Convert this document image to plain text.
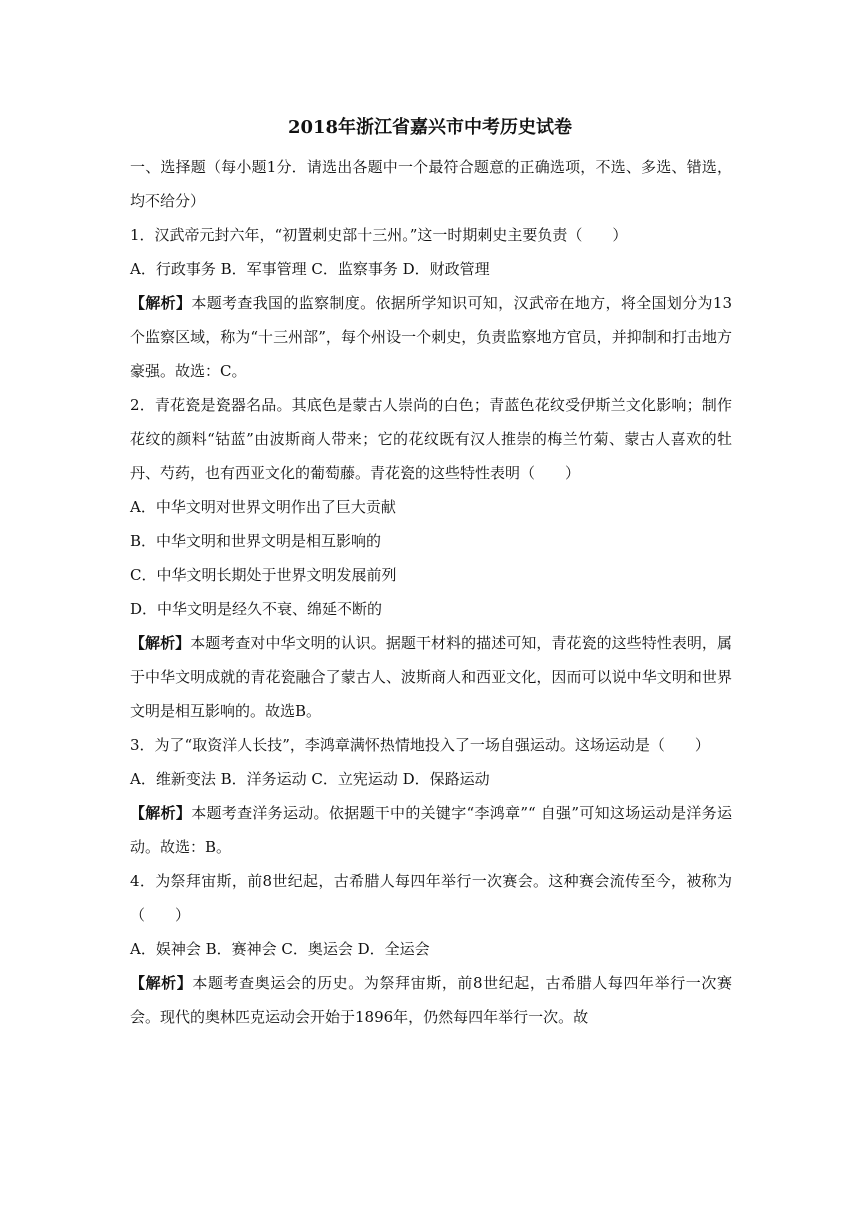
2018年浙江省嘉兴市中考历史试卷

一、选择题（每小题1分．请选出各题中一个最符合题意的正确选项，不选、多选、错选，均不给分）

1．汉武帝元封六年，“初置刺史部十三州。”这一时期刺史主要负责（　　）

A．行政事务 B．军事管理 C．监察事务 D．财政管理

【解析】本题考查我国的监察制度。依据所学知识可知，汉武帝在地方，将全国划分为13个监察区域，称为“十三州部”，每个州设一个刺史，负责监察地方官员，并抑制和打击地方豪强。故选：C。

2．青花瓷是瓷器名品。其底色是蒙古人崇尚的白色；青蓝色花纹受伊斯兰文化影响；制作花纹的颜料“钴蓝”由波斯商人带来；它的花纹既有汉人推崇的梅兰竹菊、蒙古人喜欢的牡丹、芍药，也有西亚文化的葡萄藤。青花瓷的这些特性表明（　　）

A．中华文明对世界文明作出了巨大贡献

B．中华文明和世界文明是相互影响的

C．中华文明长期处于世界文明发展前列

D．中华文明是经久不衰、绵延不断的

【解析】本题考查对中华文明的认识。据题干材料的描述可知，青花瓷的这些特性表明，属于中华文明成就的青花瓷融合了蒙古人、波斯商人和西亚文化，因而可以说中华文明和世界文明是相互影响的。故选B。

3．为了“取资洋人长技”，李鸿章满怀热情地投入了一场自强运动。这场运动是（　　）

A．维新变法 B．洋务运动 C．立宪运动 D．保路运动

【解析】本题考查洋务运动。依据题干中的关键字“李鸿章”“ 自强”可知这场运动是洋务运动。故选：B。

4．为祭拜宙斯，前8世纪起，古希腊人每四年举行一次赛会。这种赛会流传至今，被称为（　　）

A．娱神会 B．赛神会 C．奥运会 D．全运会

【解析】本题考查奥运会的历史。为祭拜宙斯，前8世纪起，古希腊人每四年举行一次赛会。现代的奥林匹克运动会开始于1896年，仍然每四年举行一次。故
